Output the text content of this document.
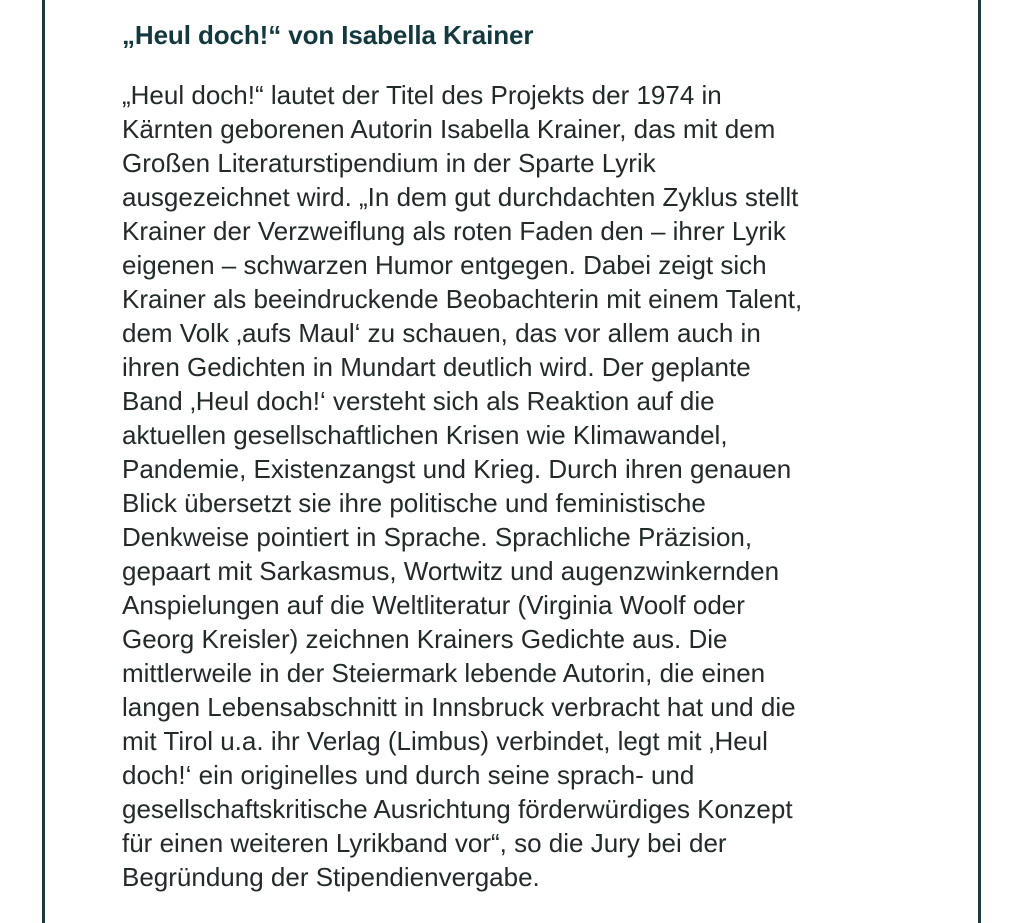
„Heul doch!“ von Isabella Krainer

„Heul doch!“ lautet der Titel des Projekts der 1974 in
Kärnten geborenen Autorin Isabella Krainer, das mit dem
Großen Literaturstipendium in der Sparte Lyrik
ausgezeichnet wird. „In dem gut durchdachten Zyklus stellt
Krainer der Verzweiflung als roten Faden den – ihrer Lyrik
eigenen – schwarzen Humor entgegen. Dabei zeigt sich
Krainer als beeindruckende Beobachterin mit einem Talent,
dem Volk ‚aufs Maul‘ zu schauen, das vor allem auch in
ihren Gedichten in Mundart deutlich wird. Der geplante
Band ‚Heul doch!‘ versteht sich als Reaktion auf die
aktuellen gesellschaftlichen Krisen wie Klimawandel,
Pandemie, Existenzangst und Krieg. Durch ihren genauen
Blick übersetzt sie ihre politische und feministische
Denkweise pointiert in Sprache. Sprachliche Präzision,
gepaart mit Sarkasmus, Wortwitz und augenzwinkernden
Anspielungen auf die Weltliteratur (Virginia Woolf oder
Georg Kreisler) zeichnen Krainers Gedichte aus. Die
mittlerweile in der Steiermark lebende Autorin, die einen
langen Lebensabschnitt in Innsbruck verbracht hat und die
mit Tirol u.a. ihr Verlag (Limbus) verbindet, legt mit ‚Heul
doch!‘ ein originelles und durch seine sprach- und
gesellschaftskritische Ausrichtung förderwürdiges Konzept
für einen weiteren Lyrikband vor“, so die Jury bei der
Begründung der Stipendienvergabe.
